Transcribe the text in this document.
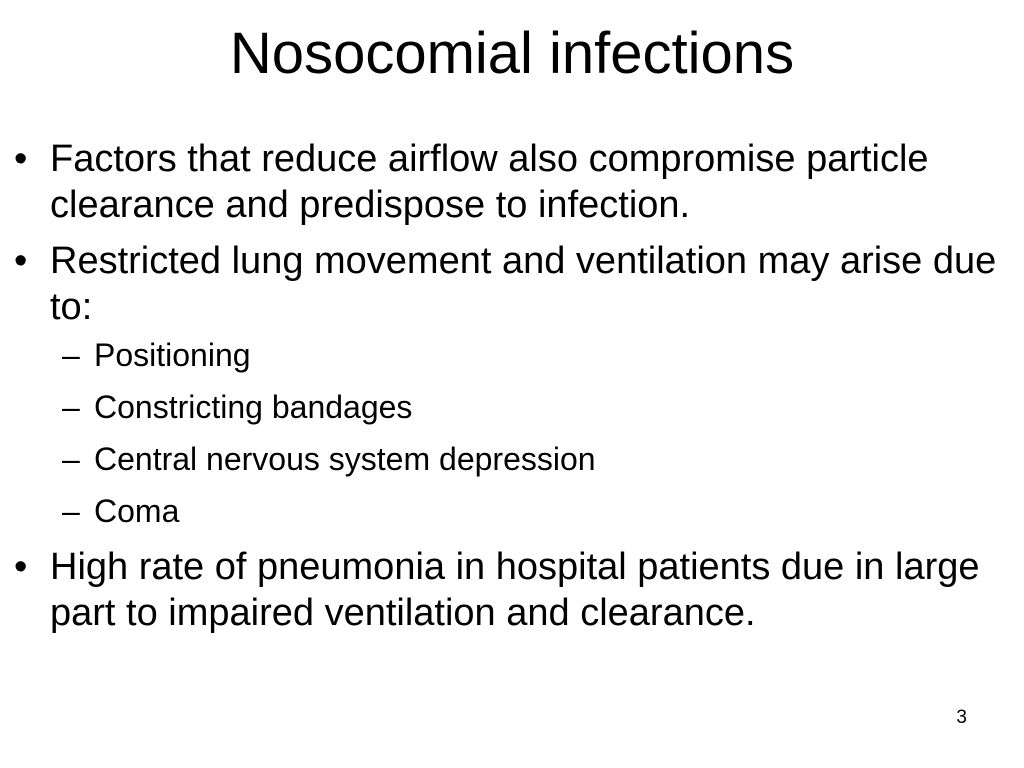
Nosocomial infections
• Factors that reduce airflow also compromise particle clearance and predispose to infection.
• Restricted lung movement and ventilation may arise due to:
– Positioning
– Constricting bandages
– Central nervous system depression
– Coma
• High rate of pneumonia in hospital patients due in large part to impaired ventilation and clearance.
3
